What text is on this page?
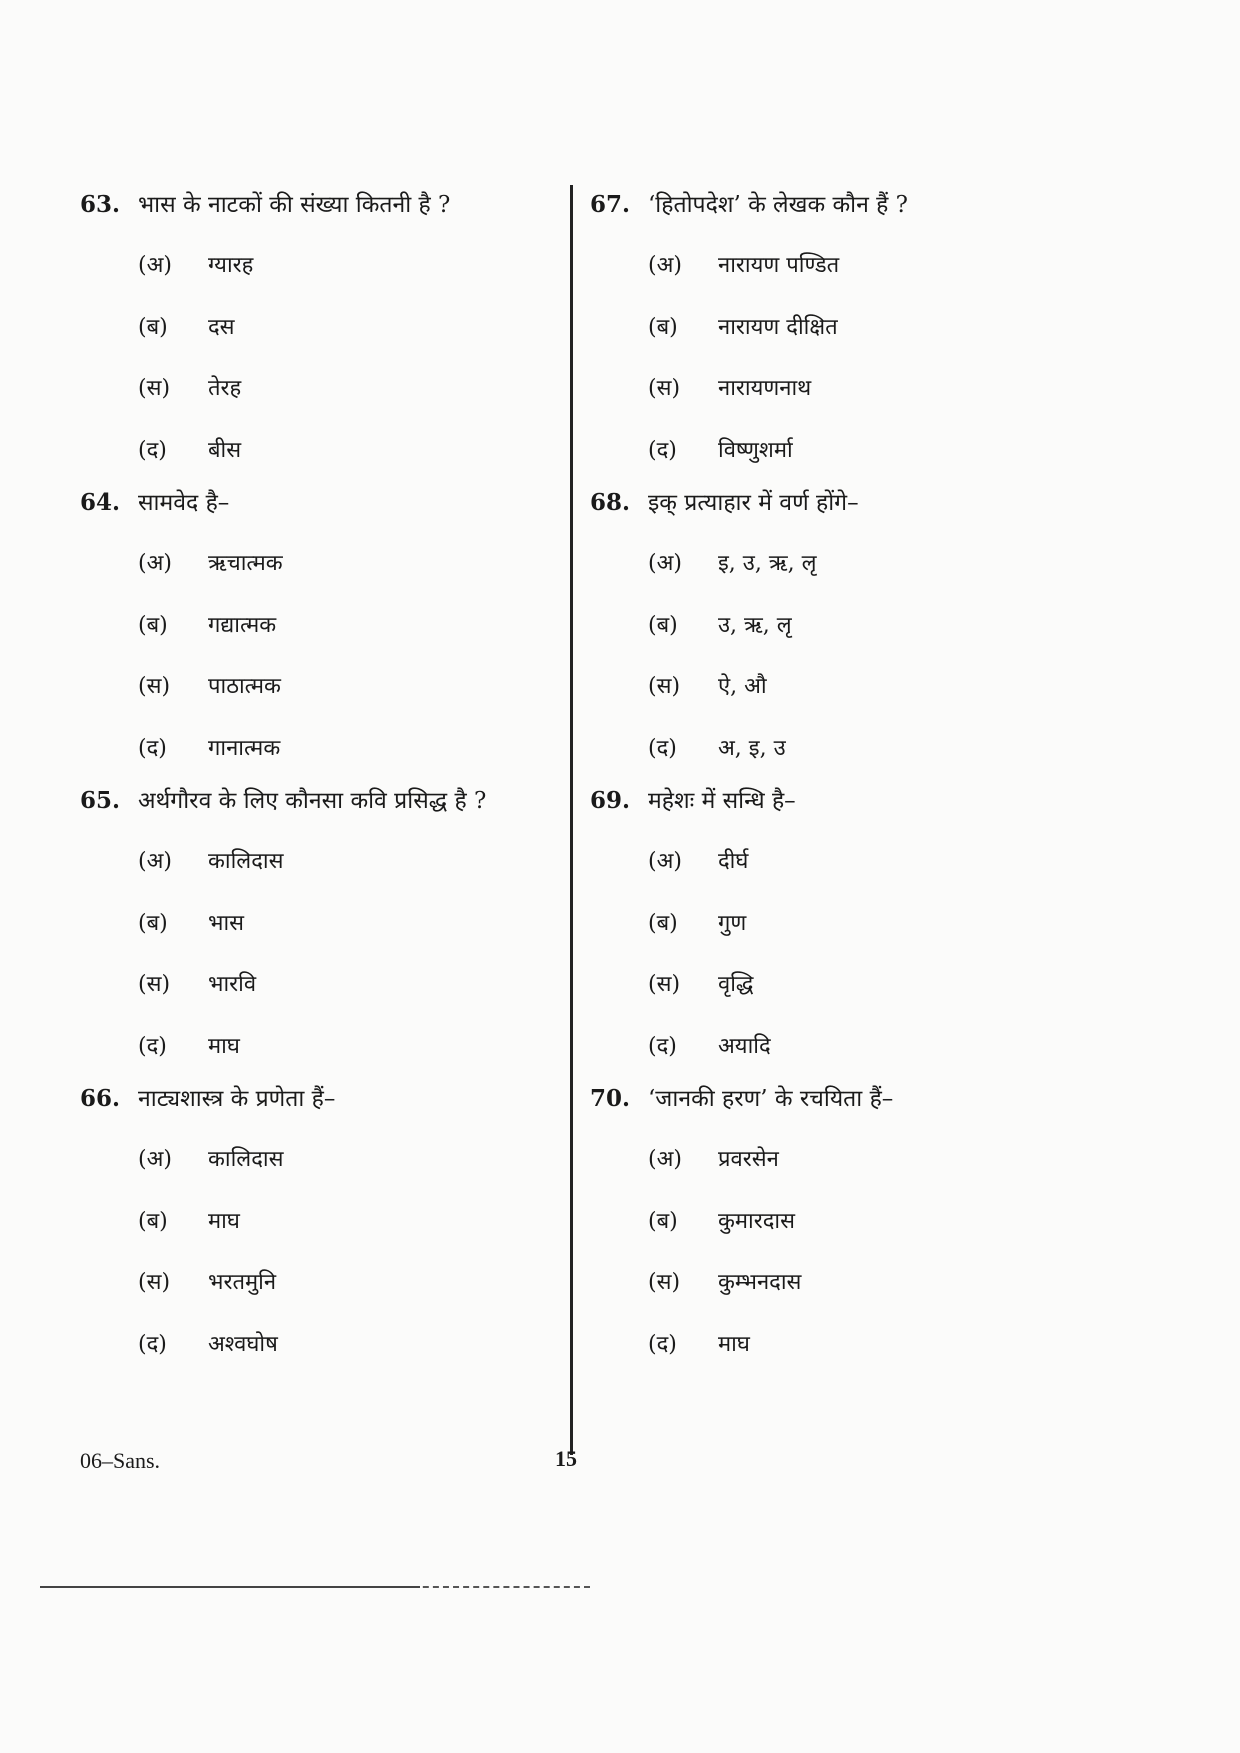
63. भास के नाटकों की संख्या कितनी है ?
(अ)	ग्यारह
(ब)	दस
(स)	तेरह
(द)	बीस
64. सामवेद है–
(अ)	ऋचात्मक
(ब)	गद्यात्मक
(स)	पाठात्मक
(द)	गानात्मक
65. अर्थगौरव के लिए कौनसा कवि प्रसिद्ध है ?
(अ)	कालिदास
(ब)	भास
(स)	भारवि
(द)	माघ
66. नाट्यशास्त्र के प्रणेता हैं–
(अ)	कालिदास
(ब)	माघ
(स)	भरतमुनि
(द)	अश्वघोष
67. ‘हितोपदेश’ के लेखक कौन हैं ?
(अ)	नारायण पण्डित
(ब)	नारायण दीक्षित
(स)	नारायणनाथ
(द)	विष्णुशर्मा
68. इक् प्रत्याहार में वर्ण होंगे–
(अ)	इ, उ, ऋ, लृ
(ब)	उ, ऋ, लृ
(स)	ऐ, औ
(द)	अ, इ, उ
69. महेशः में सन्धि है–
(अ)	दीर्घ
(ब)	गुण
(स)	वृद्धि
(द)	अयादि
70. ‘जानकी हरण’ के रचयिता हैं–
(अ)	प्रवरसेन
(ब)	कुमारदास
(स)	कुम्भनदास
(द)	माघ
06–Sans.	15
